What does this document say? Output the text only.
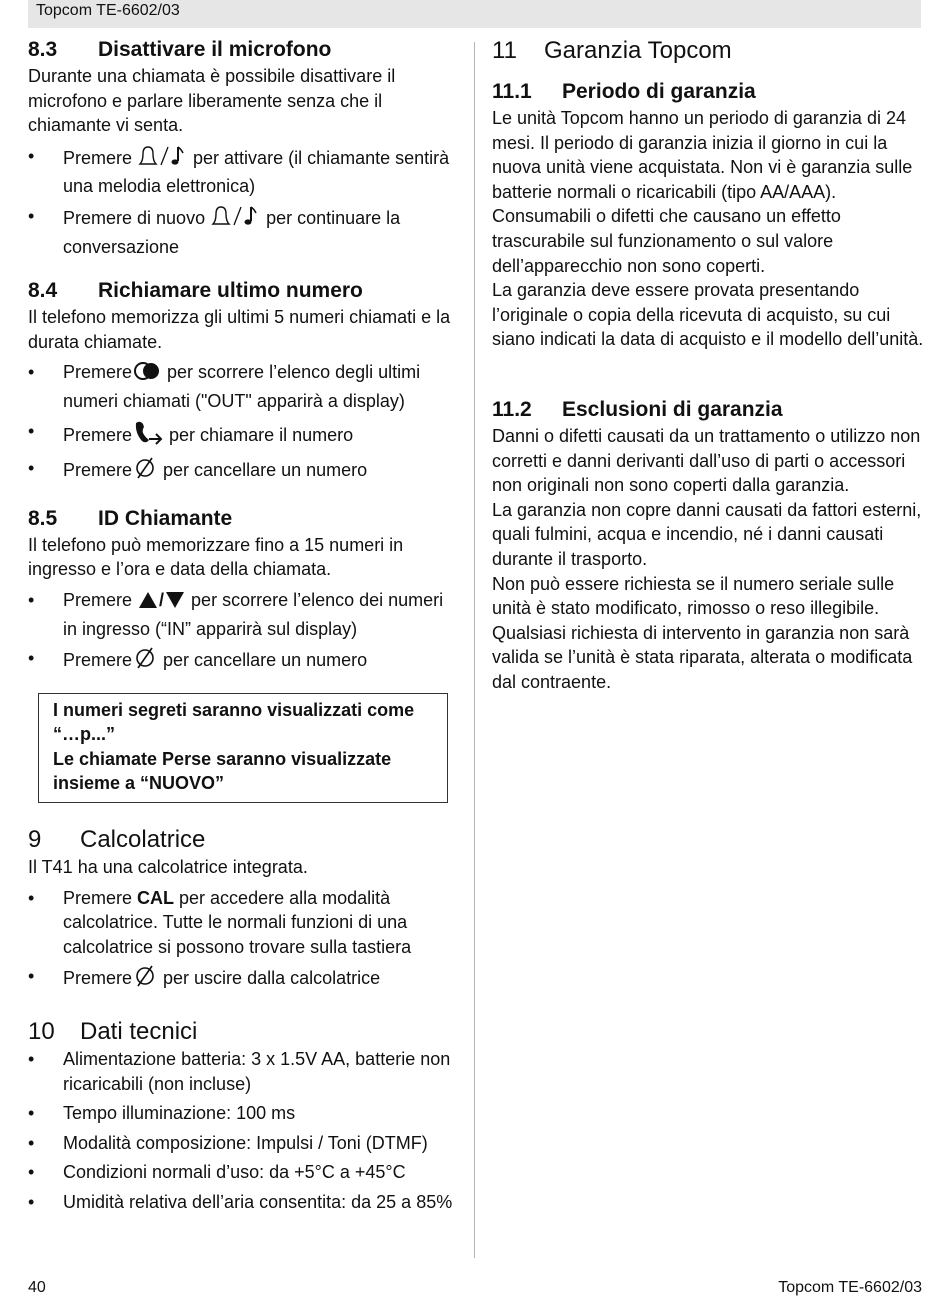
Topcom TE-6602/03
8.3	Disattivare il microfono

Durante una chiamata è possibile disattivare il microfono e parlare liberamente senza che il chiamante vi senta.

• Premere	per attivare (il chiamante sentirà una melodia elettronica)
• Premere di nuovo	per continuare la conversazione
8.4	Richiamare ultimo numero

Il telefono memorizza gli ultimi 5 numeri chiamati e la durata chiamate.

• Premere per scorrere l’elenco degli ultimi numeri chiamati ("OUT" apparirà a display)
• Premere per chiamare il numero
• Premere per cancellare un numero
8.5	ID Chiamante

Il telefono può memorizzare fino a 15 numeri in ingresso e l’ora e data della chiamata.

• Premere / per scorrere l’elenco dei numeri in ingresso (“IN” apparirà sul display)
• Premere per cancellare un numero
I numeri segreti saranno visualizzati come “…p...”
Le chiamate Perse saranno visualizzate insieme a “NUOVO”
9	Calcolatrice

Il T41 ha una calcolatrice integrata.

• Premere CAL per accedere alla modalità calcolatrice. Tutte le normali funzioni di una calcolatrice si possono trovare sulla tastiera
• Premere per uscire dalla calcolatrice
10	Dati tecnici
• Alimentazione batteria: 3 x 1.5V AA, batterie non ricaricabili (non incluse)
• Tempo illuminazione: 100 ms
• Modalità composizione: Impulsi / Toni (DTMF)
• Condizioni normali d’uso: da +5°C a +45°C
• Umidità relativa dell’aria consentita: da 25 a 85%
11	Garanzia Topcom
11.1	Periodo di garanzia

Le unità Topcom hanno un periodo di garanzia di 24 mesi. Il periodo di garanzia inizia il giorno in cui la nuova unità viene acquistata. Non vi è garanzia sulle batterie normali o ricaricabili (tipo AA/AAA). Consumabili o difetti che causano un effetto trascurabile sul funzionamento o sul valore dell’apparecchio non sono coperti.

La garanzia deve essere provata presentando l’originale o copia della ricevuta di acquisto, su cui siano indicati la data di acquisto e il modello dell’unità.

11.2	Esclusioni di garanzia

Danni o difetti causati da un trattamento o utilizzo non corretti e danni derivanti dall’uso di parti o accessori non originali non sono coperti dalla garanzia.

La garanzia non copre danni causati da fattori esterni, quali fulmini, acqua e incendio, né i danni causati durante il trasporto.

Non può essere richiesta se il numero seriale sulle unità è stato modificato, rimosso o reso illegibile.

Qualsiasi richiesta di intervento in garanzia non sarà valida se l’unità è stata riparata, alterata o modificata dal contraente.

40	Topcom TE-6602/03
